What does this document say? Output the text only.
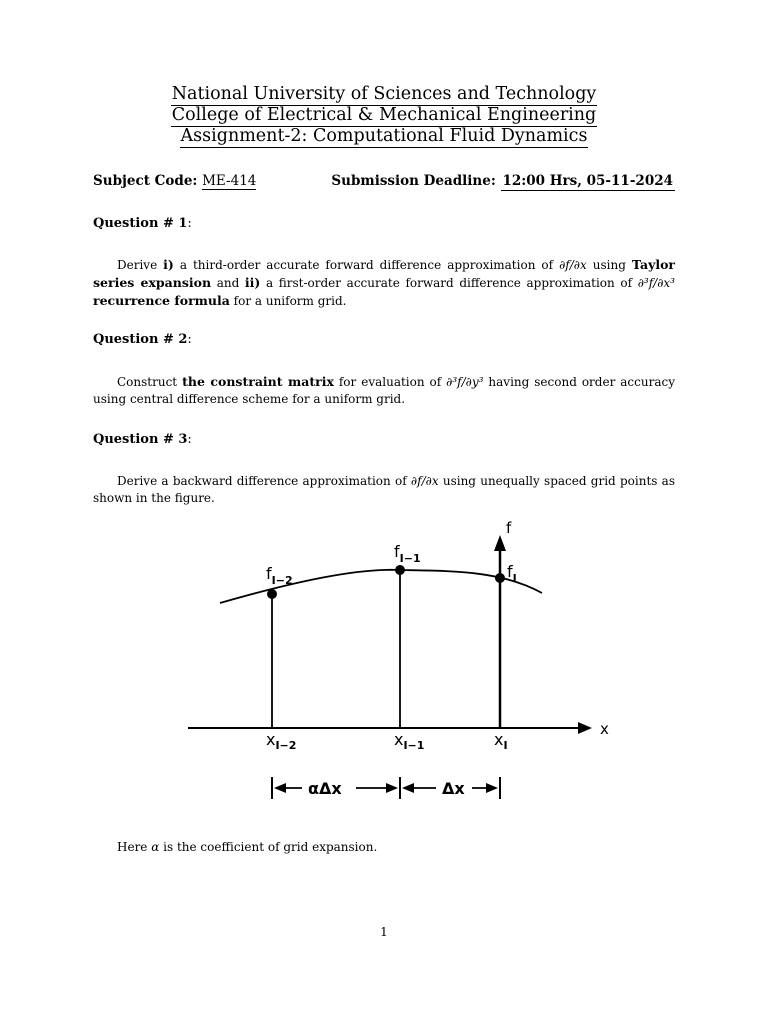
National University of Sciences and Technology
College of Electrical & Mechanical Engineering
Assignment-2: Computational Fluid Dynamics
Subject Code: ME-414	Submission Deadline: 12:00 Hrs, 05-11-2024
Question # 1:
Derive i) a third-order accurate forward difference approximation of ∂f/∂x using Taylor series expansion and ii) a first-order accurate forward difference approximation of ∂³f/∂x³ recurrence formula for a uniform grid.
Question # 2:
Construct the constraint matrix for evaluation of ∂³f/∂y³ having second order accuracy using central difference scheme for a uniform grid.
Question # 3:
Derive a backward difference approximation of ∂f/∂x using unequally spaced grid points as shown in the figure.
f
x
$f_{I-2}$
$f_{I-1}$
$f_I$
$x_{I-2}$	$x_{I-1}$	$x_I$
αΔx	Δx
Here α is the coefficient of grid expansion.
1
